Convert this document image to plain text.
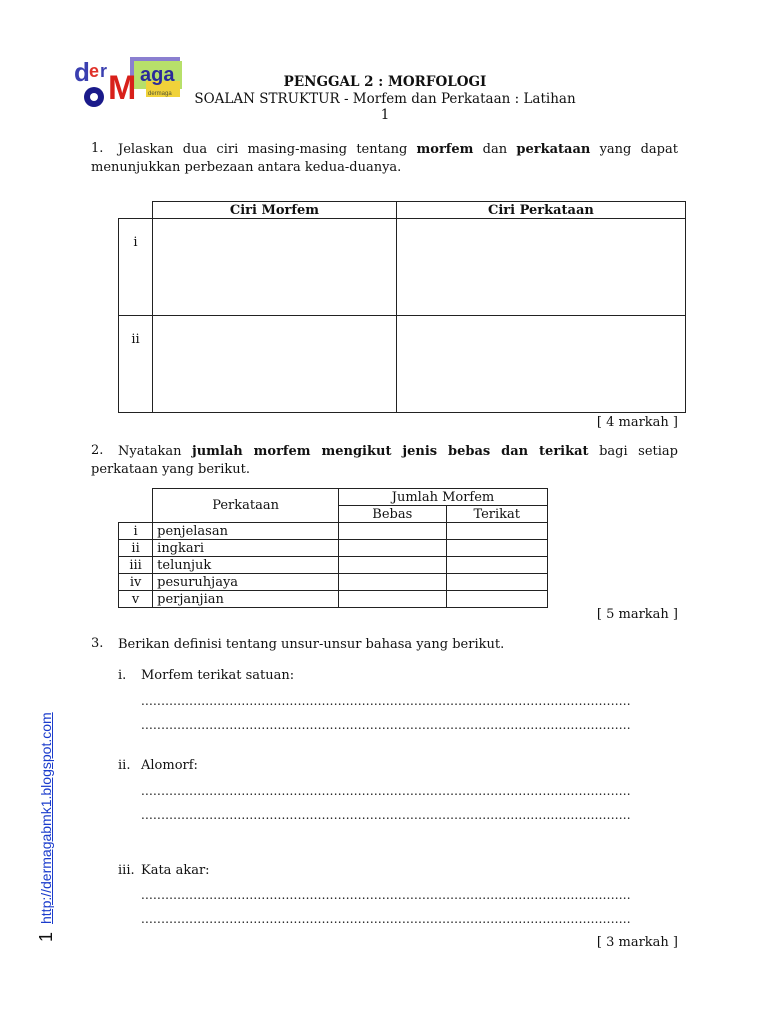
d e r M aga
dermaga
PENGGAL 2 : MORFOLOGI
SOALAN STRUKTUR - Morfem dan Perkataan : Latihan 1
http://dermagabmk1.blogspot.com
1
1.	Jelaskan dua ciri masing-masing tentang morfem dan perkataan yang dapat menunjukkan perbezaan antara kedua-duanya.
	Ciri Morfem	Ciri Perkataan
i		
ii		
[ 4 markah ]
2.	Nyatakan jumlah morfem mengikut jenis bebas dan terikat bagi setiap perkataan yang berikut.
	Perkataan	Jumlah Morfem	
		Bebas	Terikat
i	penjelasan		
ii	ingkari		
iii	telunjuk		
iv	pesuruhjaya		
v	perjanjian		
[ 5 markah ]
3. Berikan definisi tentang unsur-unsur bahasa yang berikut.
i. Morfem terikat satuan:
..........................................................................................................................
..........................................................................................................................
ii. Alomorf:
..........................................................................................................................
..........................................................................................................................
iii. Kata akar:
..........................................................................................................................
..........................................................................................................................
[ 3 markah ]
